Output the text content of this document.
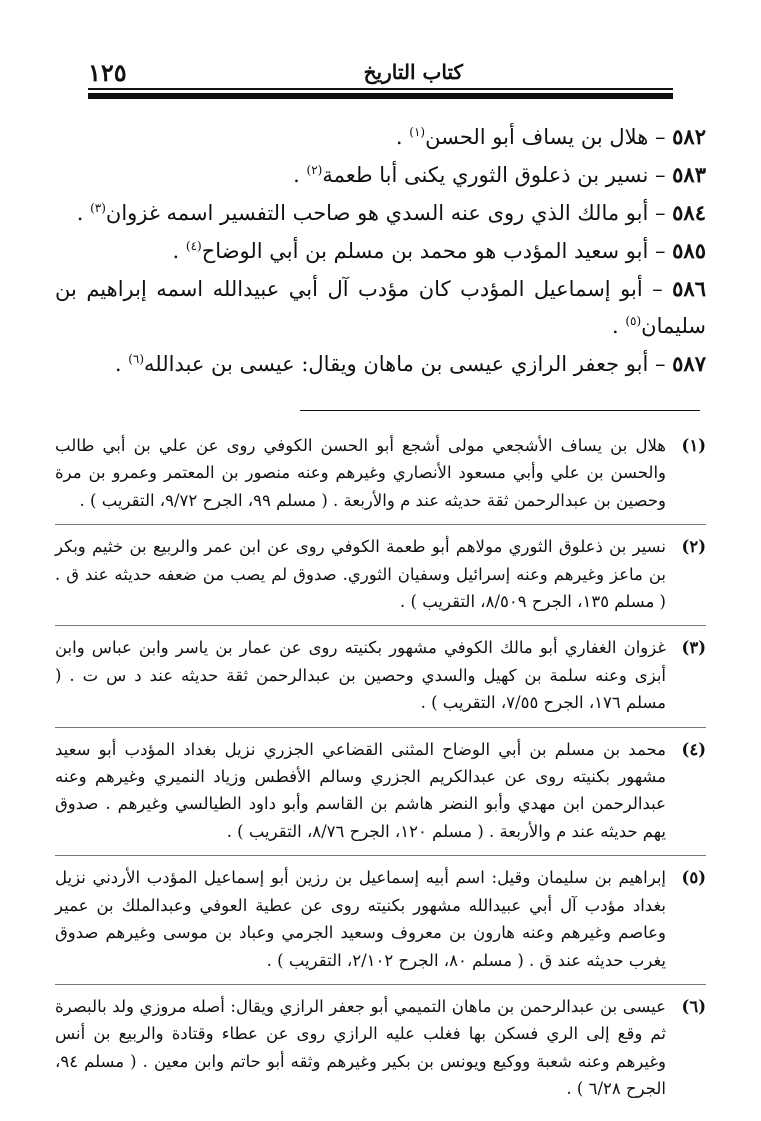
كتاب التاريخ
١٢٥
٥٨٢ – هلال بن يساف أبو الحسن$^{(١)}$ .
٥٨٣ – نسير بن ذعلوق الثوري يكنى أبا طعمة$^{(٢)}$ .
٥٨٤ – أبو مالك الذي روى عنه السدي هو صاحب التفسير اسمه غزوان$^{(٣)}$ .
٥٨٥ – أبو سعيد المؤدب هو محمد بن مسلم بن أبي الوضاح$^{(٤)}$ .
٥٨٦ – أبو إسماعيل المؤدب كان مؤدب آل أبي عبيدالله اسمه إبراهيم بن سليمان$^{(٥)}$ .
٥٨٧ – أبو جعفر الرازي عيسى بن ماهان ويقال: عيسى بن عبدالله$^{(٦)}$ .
(١)
هلال بن يساف الأشجعي مولى أشجع أبو الحسن الكوفي روى عن علي بن أبي طالب والحسن بن علي وأبي مسعود الأنصاري وغيرهم وعنه منصور بن المعتمر وعمرو بن مرة وحصين بن عبدالرحمن ثقة حديثه عند م والأربعة . ( مسلم ٩٩، الجرح ٩/٧٢، التقريب ) .
(٢)
نسير بن ذعلوق الثوري مولاهم أبو طعمة الكوفي روى عن ابن عمر والربيع بن خثيم وبكر بن ماعز وغيرهم وعنه إسرائيل وسفيان الثوري. صدوق لم يصب من ضعفه حديثه عند ق . ( مسلم ١٣٥، الجرح ٨/٥٠٩، التقريب ) .
(٣)
غزوان الغفاري أبو مالك الكوفي مشهور بكنيته روى عن عمار بن ياسر وابن عباس وابن أبزى وعنه سلمة بن كهيل والسدي وحصين بن عبدالرحمن ثقة حديثه عند د س ت . ( مسلم ١٧٦، الجرح ٧/٥٥، التقريب ) .
(٤)
محمد بن مسلم بن أبي الوضاح المثنى القضاعي الجزري نزيل بغداد المؤدب أبو سعيد مشهور بكنيته روى عن عبدالكريم الجزري وسالم الأفطس وزياد النميري وغيرهم وعنه عبدالرحمن ابن مهدي وأبو النضر هاشم بن القاسم وأبو داود الطيالسي وغيرهم . صدوق يهم حديثه عند م والأربعة . ( مسلم ١٢٠، الجرح ٨/٧٦، التقريب ) .
(٥)
إبراهيم بن سليمان وقيل: اسم أبيه إسماعيل بن رزين أبو إسماعيل المؤدب الأردني نزيل بغداد مؤدب آل أبي عبيدالله مشهور بكنيته روى عن عطية العوفي وعبدالملك بن عمير وعاصم وغيرهم وعنه هارون بن معروف وسعيد الجرمي وعباد بن موسى وغيرهم صدوق يغرب حديثه عند ق . ( مسلم ٨٠، الجرح ٢/١٠٢، التقريب ) .
(٦)
عيسى بن عبدالرحمن بن ماهان التميمي أبو جعفر الرازي ويقال: أصله مروزي ولد بالبصرة ثم وقع إلى الري فسكن بها فغلب عليه الرازي روى عن عطاء وقتادة والربيع بن أنس وغيرهم وعنه شعبة ووكيع ويونس بن بكير وغيرهم وثقه أبو حاتم وابن معين . ( مسلم ٩٤، الجرح ٦/٢٨ ) .
